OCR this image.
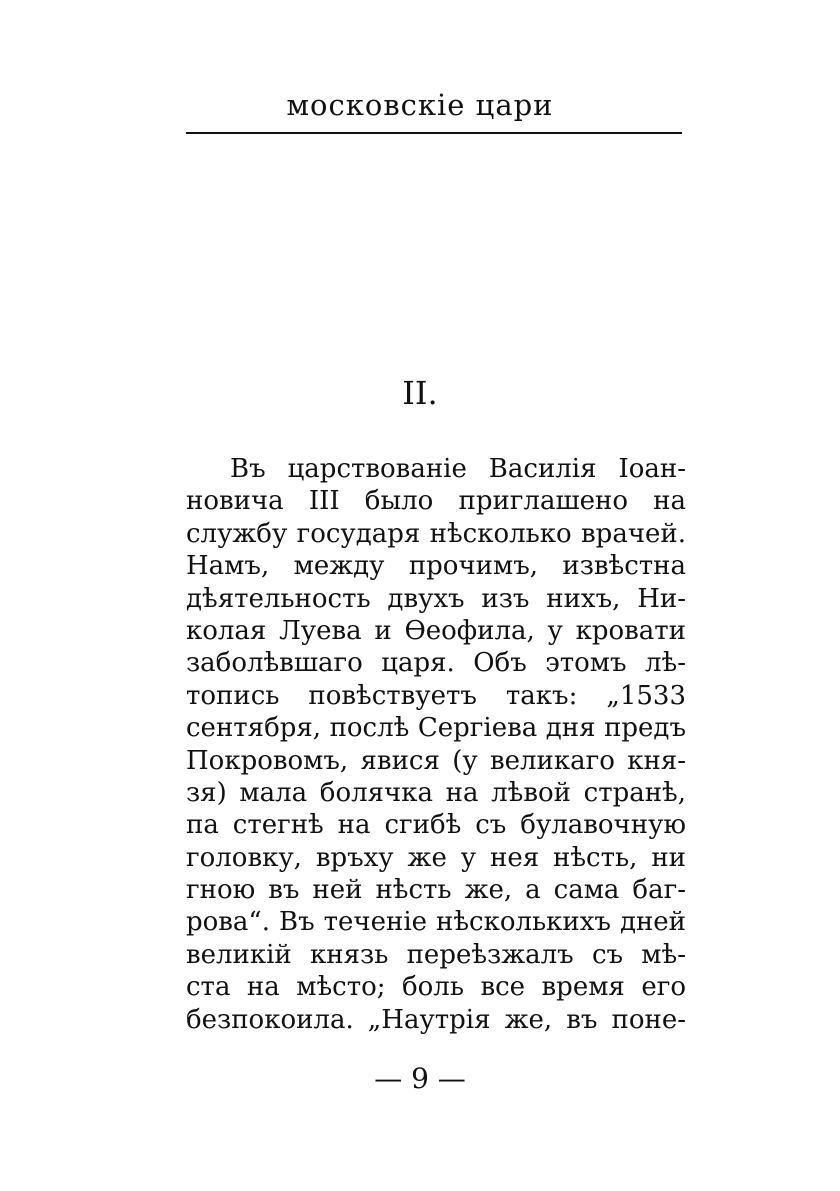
московскіе цари
II.
Въ царствованіе Василія Іоан-
новича III было приглашено на
службу государя нѣсколько врачей.
Намъ, между прочимъ, извѣстна
дѣятельность двухъ изъ нихъ, Ни-
колая Луева и Ѳеофила, у кровати
заболѣвшаго царя. Объ этомъ лѣ-
топись повѣствуетъ такъ: „1533
сентября, послѣ Сергіева дня предъ
Покровомъ, явися (у великаго кня-
зя) мала болячка на лѣвой странѣ,
па стегнѣ на сгибѣ съ булавочную
головку, връху же у нея нѣсть, ни
гною въ ней нѣсть же, а сама баг-
рова“. Въ теченіе нѣсколькихъ дней
великій князь переѣзжалъ съ мѣ-
ста на мѣсто; боль все время его
безпокоила. „Наутрія же, въ поне-
— 9 —
